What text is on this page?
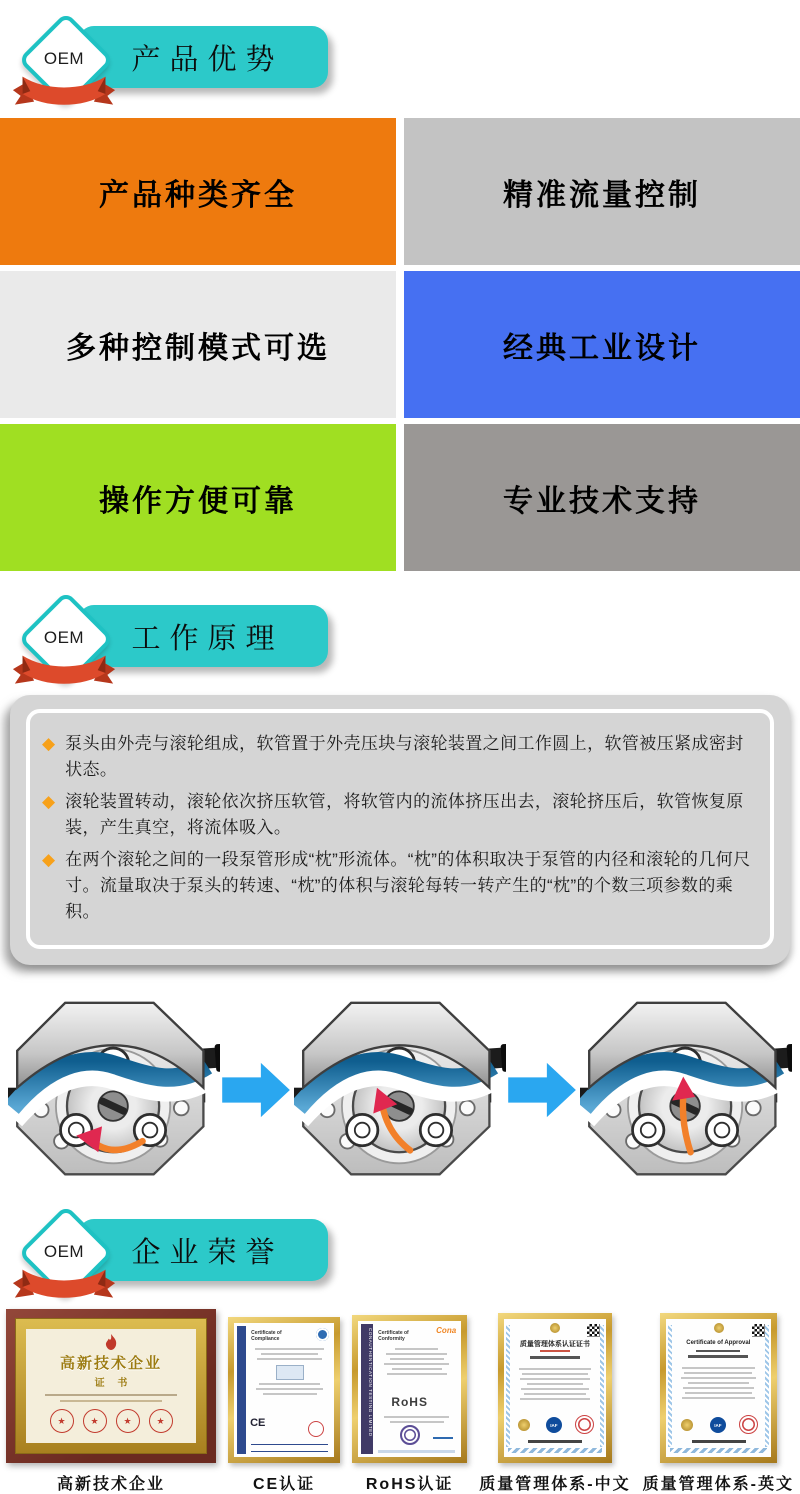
产品优势
OEM
产品种类齐全	精准流量控制
多种控制模式可选	经典工业设计
操作方便可靠	专业技术支持
工作原理
OEM
◆ 泵头由外壳与滚轮组成，软管置于外壳压块与滚轮装置之间工作圆上，软管被压紧成密封状态。
◆ 滚轮装置转动，滚轮依次挤压软管，将软管内的流体挤压出去，滚轮挤压后，软管恢复原装，产生真空，将流体吸入。
◆ 在两个滚轮之间的一段泵管形成“枕”形流体。“枕”的体积取决于泵管的内径和滚轮的几何尺寸。流量取决于泵头的转速、“枕”的体积与滚轮每转一转产生的“枕”的个数三项参数的乘积。
企业荣誉
OEM
高新技术企业
证 书
★	★	★	★
高新技术企业
Certificate of Compliance
CE
CE认证
CONAUTHENTICATION TESTING LIMITED Certificate of Conformity
Cona
RoHS
RoHS认证
质量管理体系认证证书
IAF
质量管理体系-中文
Certificate of Approval
IAF
质量管理体系-英文
